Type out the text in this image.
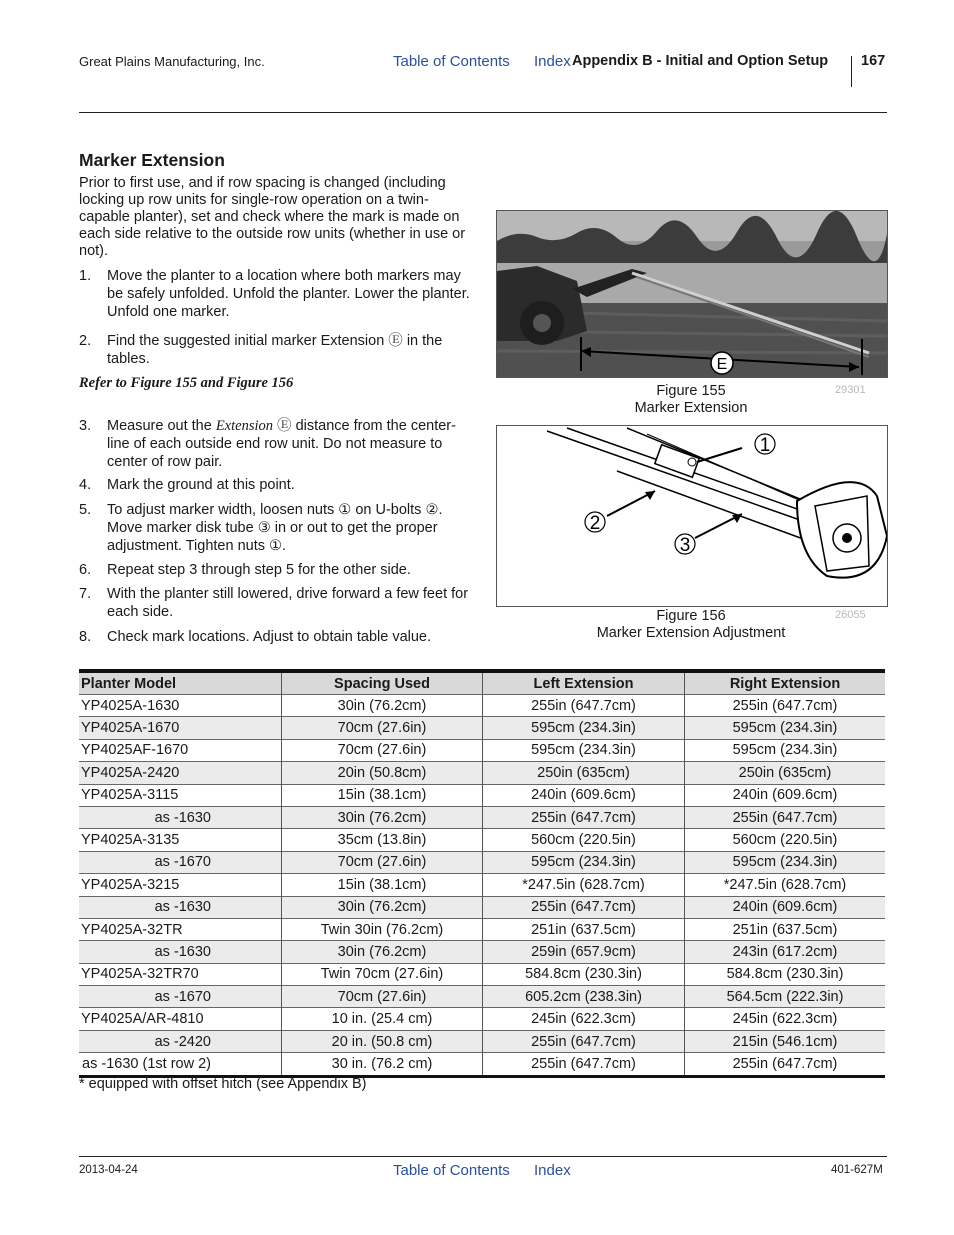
Great Plains Manufacturing, Inc.	Table of Contents Index Appendix B - Initial and Option Setup 167
Marker Extension
Prior to first use, and if row spacing is changed (including locking up row units for single-row operation on a twin-capable planter), set and check where the mark is made on each side relative to the outside row units (whether in use or not).
1. Move the planter to a location where both markers may be safely unfolded. Unfold the planter. Lower the planter. Unfold one marker.
2. Find the suggested initial marker Extension Ⓔ in the tables.
Refer to Figure 155 and Figure 156
3. Measure out the Extension Ⓔ distance from the center-line of each outside end row unit. Do not measure to center of row pair.
4. Mark the ground at this point.
5. To adjust marker width, loosen nuts ① on U-bolts ②. Move marker disk tube ③ in or out to get the proper adjustment. Tighten nuts ①.
6. Repeat step 3 through step 5 for the other side.
7. With the planter still lowered, drive forward a few feet for each side.
8. Check mark locations. Adjust to obtain table value.
E
Figure 155
Marker Extension
29301
1
2
3
Figure 156
Marker Extension Adjustment
26055
Planter Model	Spacing Used	Left Extension	Right Extension
YP4025A-1630	30in (76.2cm)	255in (647.7cm)	255in (647.7cm)
YP4025A-1670	70cm (27.6in)	595cm (234.3in)	595cm (234.3in)
YP4025AF-1670	70cm (27.6in)	595cm (234.3in)	595cm (234.3in)
YP4025A-2420	20in (50.8cm)	250in (635cm)	250in (635cm)
YP4025A-3115	15in (38.1cm)	240in (609.6cm)	240in (609.6cm)
as -1630	30in (76.2cm)	255in (647.7cm)	255in (647.7cm)
YP4025A-3135	35cm (13.8in)	560cm (220.5in)	560cm (220.5in)
as -1670	70cm (27.6in)	595cm (234.3in)	595cm (234.3in)
YP4025A-3215	15in (38.1cm)	*247.5in (628.7cm)	*247.5in (628.7cm)
as -1630	30in (76.2cm)	255in (647.7cm)	240in (609.6cm)
YP4025A-32TR	Twin 30in (76.2cm)	251in (637.5cm)	251in (637.5cm)
as -1630	30in (76.2cm)	259in (657.9cm)	243in (617.2cm)
YP4025A-32TR70	Twin 70cm (27.6in)	584.8cm (230.3in)	584.8cm (230.3in)
as -1670	70cm (27.6in)	605.2cm (238.3in)	564.5cm (222.3in)
YP4025A/AR-4810	10 in. (25.4 cm)	245in (622.3cm)	245in (622.3cm)
as -2420	20 in. (50.8 cm)	255in (647.7cm)	215in (546.1cm)
as -1630 (1st row 2)	30 in. (76.2 cm)	255in (647.7cm)	255in (647.7cm)
* equipped with offset hitch (see Appendix B)
2013-04-24	Table of Contents Index	401-627M
